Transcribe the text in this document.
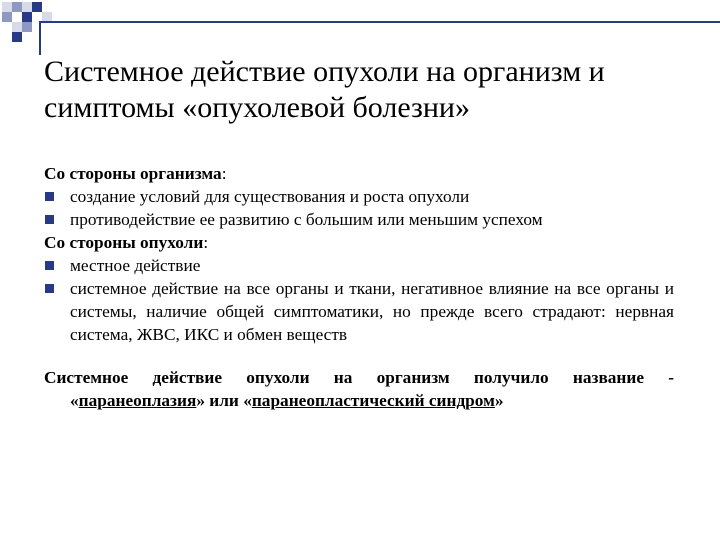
Системное действие опухоли на организм и
симптомы «опухолевой болезни»

Со стороны организма:

создание условий для существования и роста опухоли

противодействие ее развитию с большим или меньшим успехом

Со стороны опухоли:

местное действие

системное действие на все органы и ткани, негативное влияние на все органы и системы, наличие общей симптоматики, но прежде всего страдают: нервная система, ЖВС, ИКС и обмен веществ

Системное действие опухоли на организм получило название -
«паранеоплазия» или «паранеопластический синдром»
